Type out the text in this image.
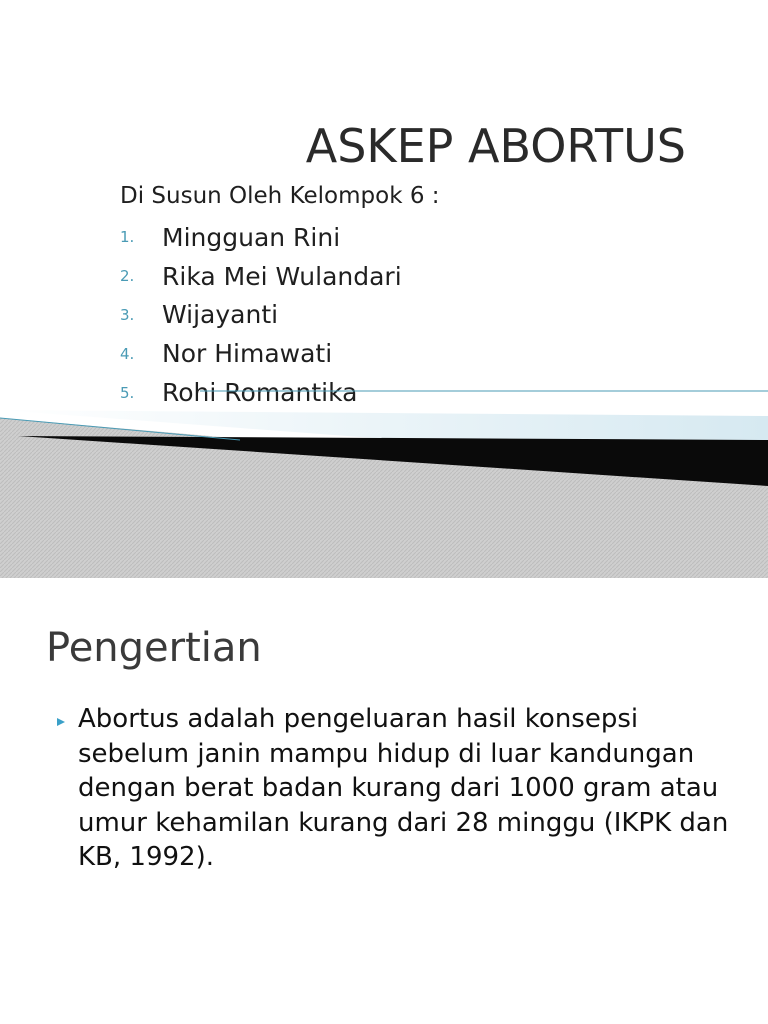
ASKEP ABORTUS
Di Susun Oleh Kelompok 6 :
1.	Mingguan Rini
2.	Rika Mei Wulandari
3.	Wijayanti
4.	Nor Himawati
5.	Rohi Romantika
Pengertian
Abortus adalah pengeluaran hasil konsepsi sebelum janin mampu hidup di luar kandungan dengan berat badan kurang dari 1000 gram atau umur kehamilan kurang dari 28 minggu (IKPK dan KB, 1992).
